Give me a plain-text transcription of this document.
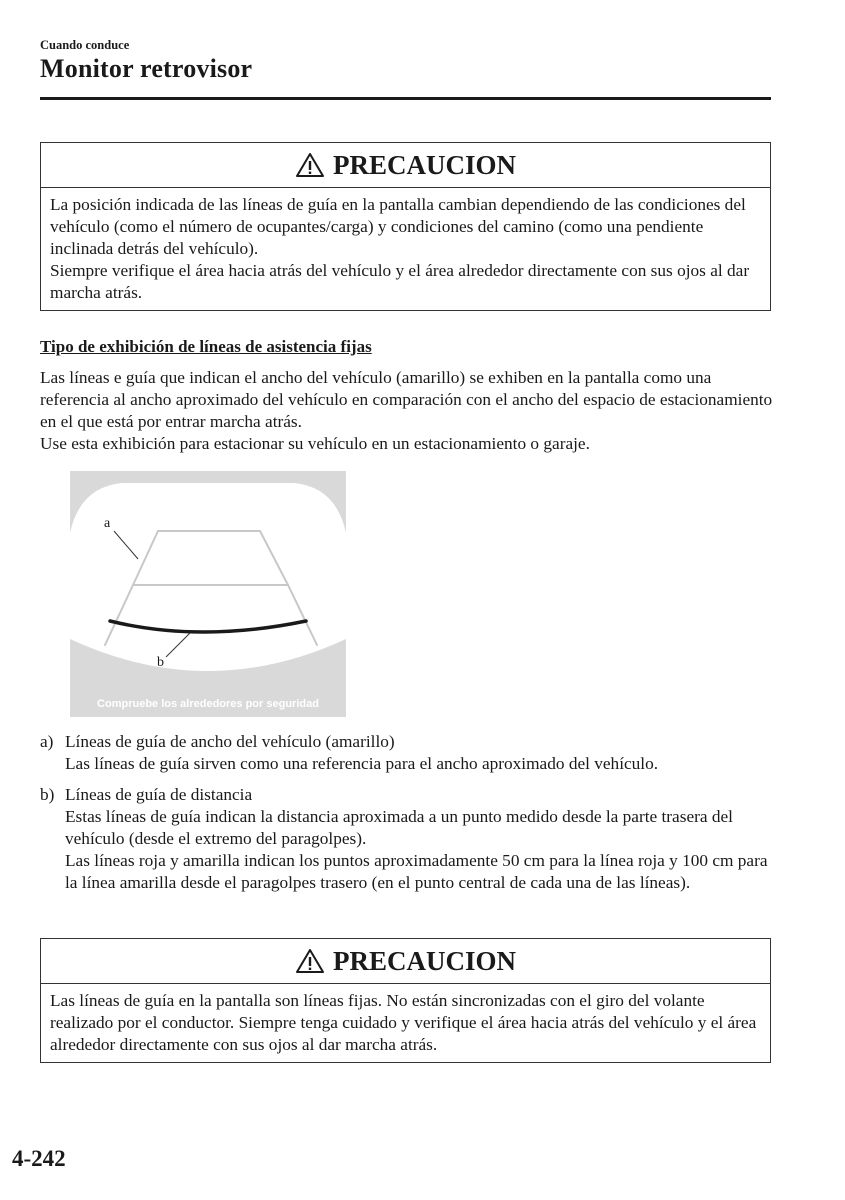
Cuando conduce
Monitor retrovisor
PRECAUCION

La posición indicada de las líneas de guía en la pantalla cambian dependiendo de las condiciones del vehículo (como el número de ocupantes/carga) y condiciones del camino (como una pendiente inclinada detrás del vehículo).

Siempre verifique el área hacia atrás del vehículo y el área alrededor directamente con sus ojos al dar marcha atrás.

Tipo de exhibición de líneas de asistencia fijas

Las líneas e guía que indican el ancho del vehículo (amarillo) se exhiben en la pantalla como una referencia al ancho aproximado del vehículo en comparación con el ancho del espacio de estacionamiento en el que está por entrar marcha atrás.

Use esta exhibición para estacionar su vehículo en un estacionamiento o garaje.

a
b
Compruebe los alrededores por seguridad
a) Líneas de guía de ancho del vehículo (amarillo)

Las líneas de guía sirven como una referencia para el ancho aproximado del vehículo.

b) Líneas de guía de distancia

Estas líneas de guía indican la distancia aproximada a un punto medido desde la parte trasera del vehículo (desde el extremo del paragolpes).

Las líneas roja y amarilla indican los puntos aproximadamente 50 cm para la línea roja y 100 cm para la línea amarilla desde el paragolpes trasero (en el punto central de cada una de las líneas).

PRECAUCION

Las líneas de guía en la pantalla son líneas fijas. No están sincronizadas con el giro del volante realizado por el conductor. Siempre tenga cuidado y verifique el área hacia atrás del vehículo y el área alrededor directamente con sus ojos al dar marcha atrás.

4-242
